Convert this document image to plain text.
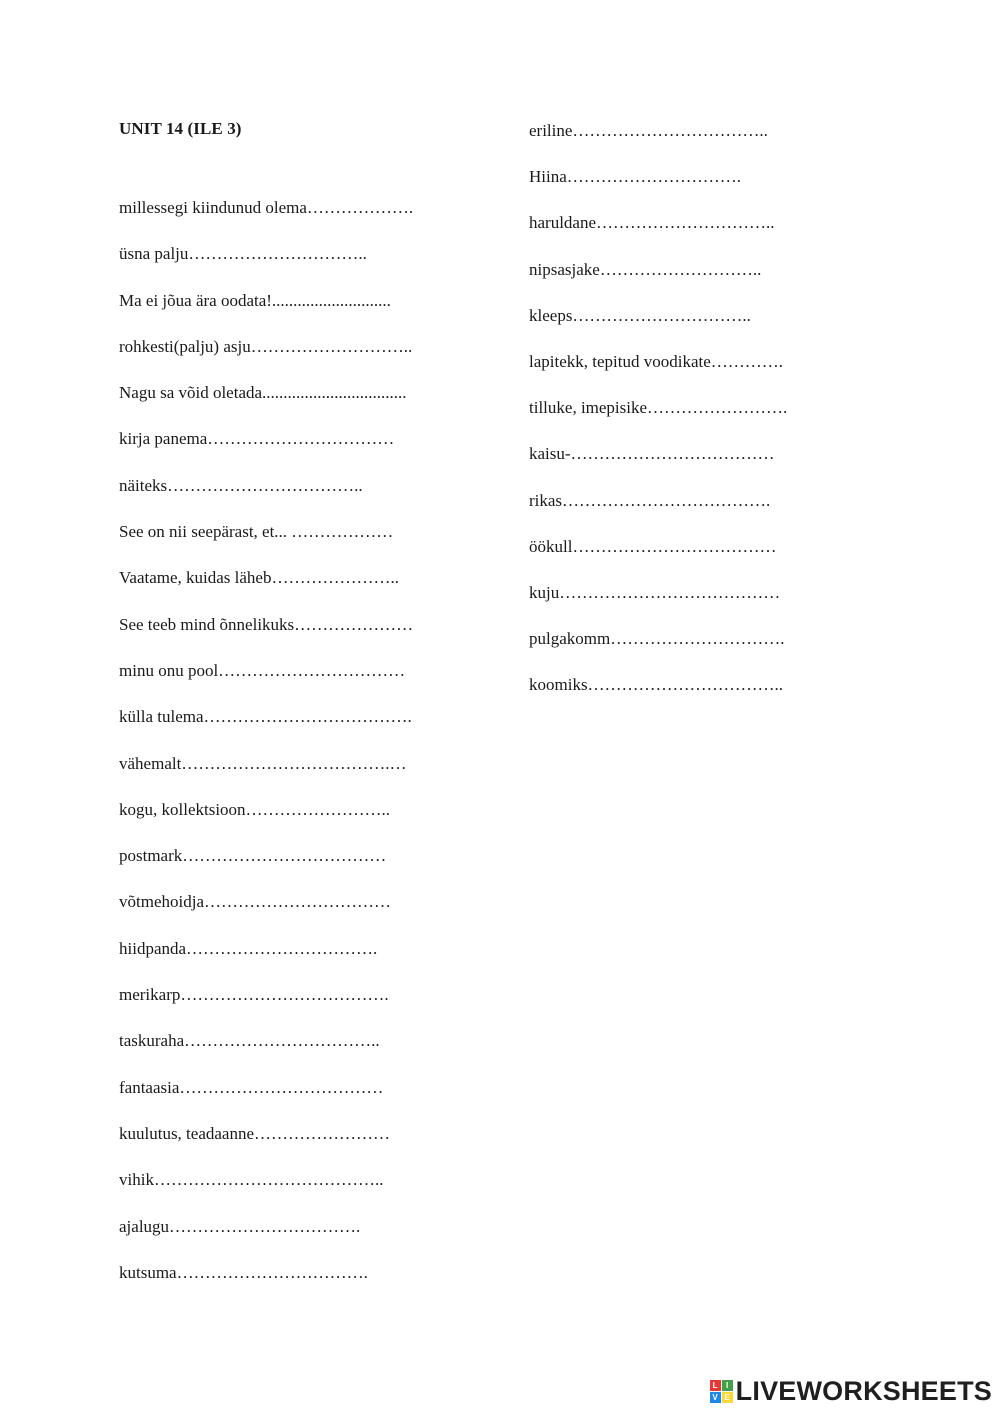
UNIT 14 (ILE 3)
millessegi kiindunud olema……………….
üsna palju…………………………..
Ma ei jõua ära oodata!............................
rohkesti(palju) asju………………………..
Nagu sa võid oletada..................................
kirja panema……………………………
näiteks……………………………..
See on nii seepärast, et... ………………
Vaatame, kuidas läheb…………………..
See teeb mind õnnelikuks…………………
minu onu pool……………………………
külla tulema……………………………….
vähemalt……………………………….…
kogu, kollektsioon……………………..
postmark………………………………
võtmehoidja……………………………
hiidpanda…………………………….
merikarp……………………………….
taskuraha……………………………..
fantaasia………………………………
kuulutus, teadaanne……………………
vihik…………………………………..
ajalugu…………………………….
kutsuma…………………………….
eriline……………………………..
Hiina………………………….
haruldane…………………………..
nipsasjake………………………..
kleeps…………………………..
lapitekk, tepitud voodikate………….
tilluke, imepisike…………………….
kaisu-………………………………
rikas……………………………….
öökull………………………………
kuju…………………………………
pulgakomm………………………….
koomiks……………………………..
L	I
V E LIVEWORKSHEETS
